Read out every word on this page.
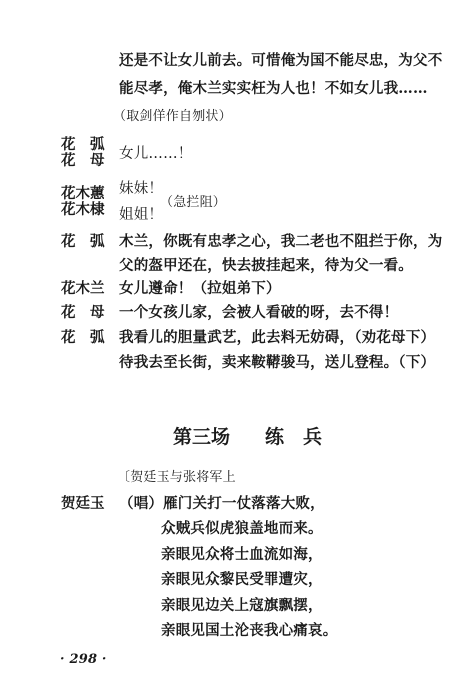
还是不让女儿前去。可惜俺为国不能尽忠，为父不
能尽孝，俺木兰实实枉为人也！不如女儿我……
（取剑佯作自刎状）
花　弧
花　母 女儿……！
花木蕙
花木棣
妹妹！
姐姐！
（急拦阻）
花　弧 木兰，你既有忠孝之心，我二老也不阻拦于你，为
父的盔甲还在，快去披挂起来，待为父一看。
花木兰 女儿遵命！（拉姐弟下）
花　母 一个女孩儿家，会被人看破的呀，去不得！
花　弧 我看儿的胆量武艺，此去料无妨碍，（劝花母下）
待我去至长街，卖来鞍鞯骏马，送儿登程。（下）
第三场 练　兵
〔贺廷玉与张将军上
贺廷玉 （唱）雁门关打一仗落落大败，
众贼兵似虎狼盖地而来。
亲眼见众将士血流如海，
亲眼见众黎民受罪遭灾，
亲眼见边关上寇旗飘摆，
亲眼见国土沦丧我心痛哀。
· 298 ·
